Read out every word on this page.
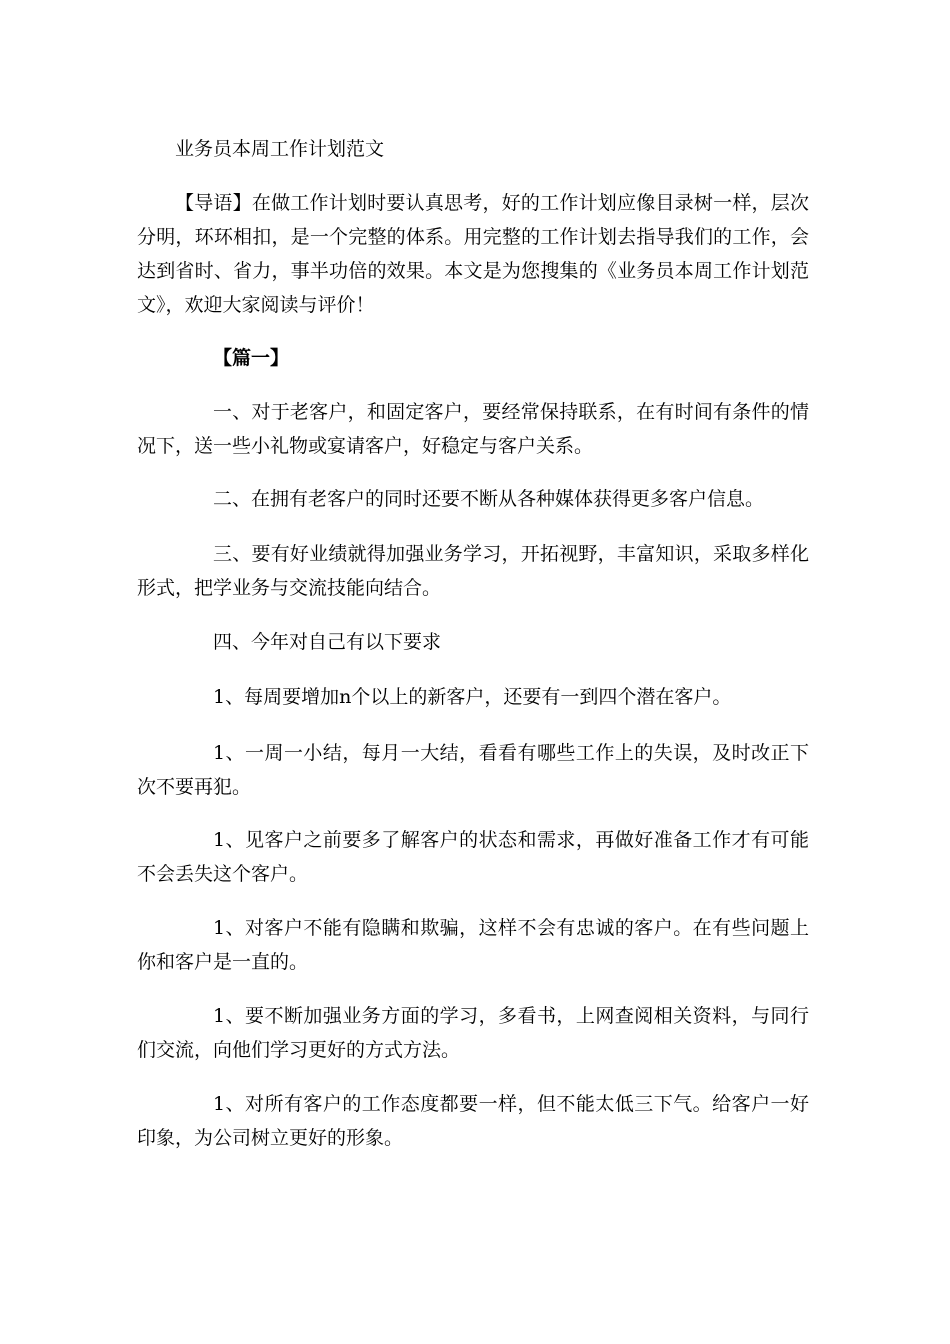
业务员本周工作计划范文

【导语】在做工作计划时要认真思考，好的工作计划应像目录树一样，层次分明，环环相扣，是一个完整的体系。用完整的工作计划去指导我们的工作，会达到省时、省力，事半功倍的效果。本文是为您搜集的《业务员本周工作计划范文》，欢迎大家阅读与评价！

【篇一】

一、对于老客户，和固定客户，要经常保持联系，在有时间有条件的情况下，送一些小礼物或宴请客户，好稳定与客户关系。

二、在拥有老客户的同时还要不断从各种媒体获得更多客户信息。

三、要有好业绩就得加强业务学习，开拓视野，丰富知识，采取多样化形式，把学业务与交流技能向结合。

四、今年对自己有以下要求

1、每周要增加n个以上的新客户，还要有一到四个潜在客户。

1、一周一小结，每月一大结，看看有哪些工作上的失误，及时改正下次不要再犯。

1、见客户之前要多了解客户的状态和需求，再做好准备工作才有可能不会丢失这个客户。

1、对客户不能有隐瞒和欺骗，这样不会有忠诚的客户。在有些问题上你和客户是一直的。

1、要不断加强业务方面的学习，多看书，上网查阅相关资料，与同行们交流，向他们学习更好的方式方法。

1、对所有客户的工作态度都要一样，但不能太低三下气。给客户一好印象，为公司树立更好的形象。
